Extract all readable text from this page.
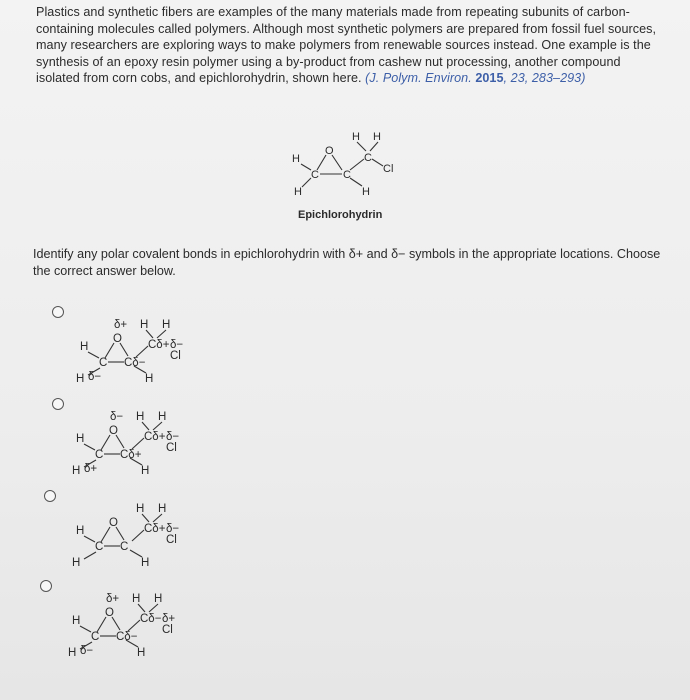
Plastics and synthetic fibers are examples of the many materials made from repeating subunits of carbon-containing molecules called polymers. Although most synthetic polymers are prepared from fossil fuel sources, many researchers are exploring ways to make polymers from renewable sources instead. One example is the synthesis of an epoxy resin polymer using a by-product from cashew nut processing, another compound isolated from corn cobs, and epichlorohydrin, shown here. (J. Polym. Environ. 2015, 23, 283–293)
H H
H
O
C
Cl
C C
H	H
Epichlorohydrin
Identify any polar covalent bonds in epichlorohydrin with δ+ and δ− symbols in the appropriate locations. Choose the correct answer below.
δ+ H H
H
O Cδ+ δ−
Cl
C Cδ−
H δ−	H
δ− H H
H
O Cδ+ δ−
Cl
C Cδ+
H δ+	H
H H
H
O Cδ+ δ−
Cl
C C
H	H
δ+ H H
H
O Cδ− δ+
Cl
C Cδ−
H δ−	H
